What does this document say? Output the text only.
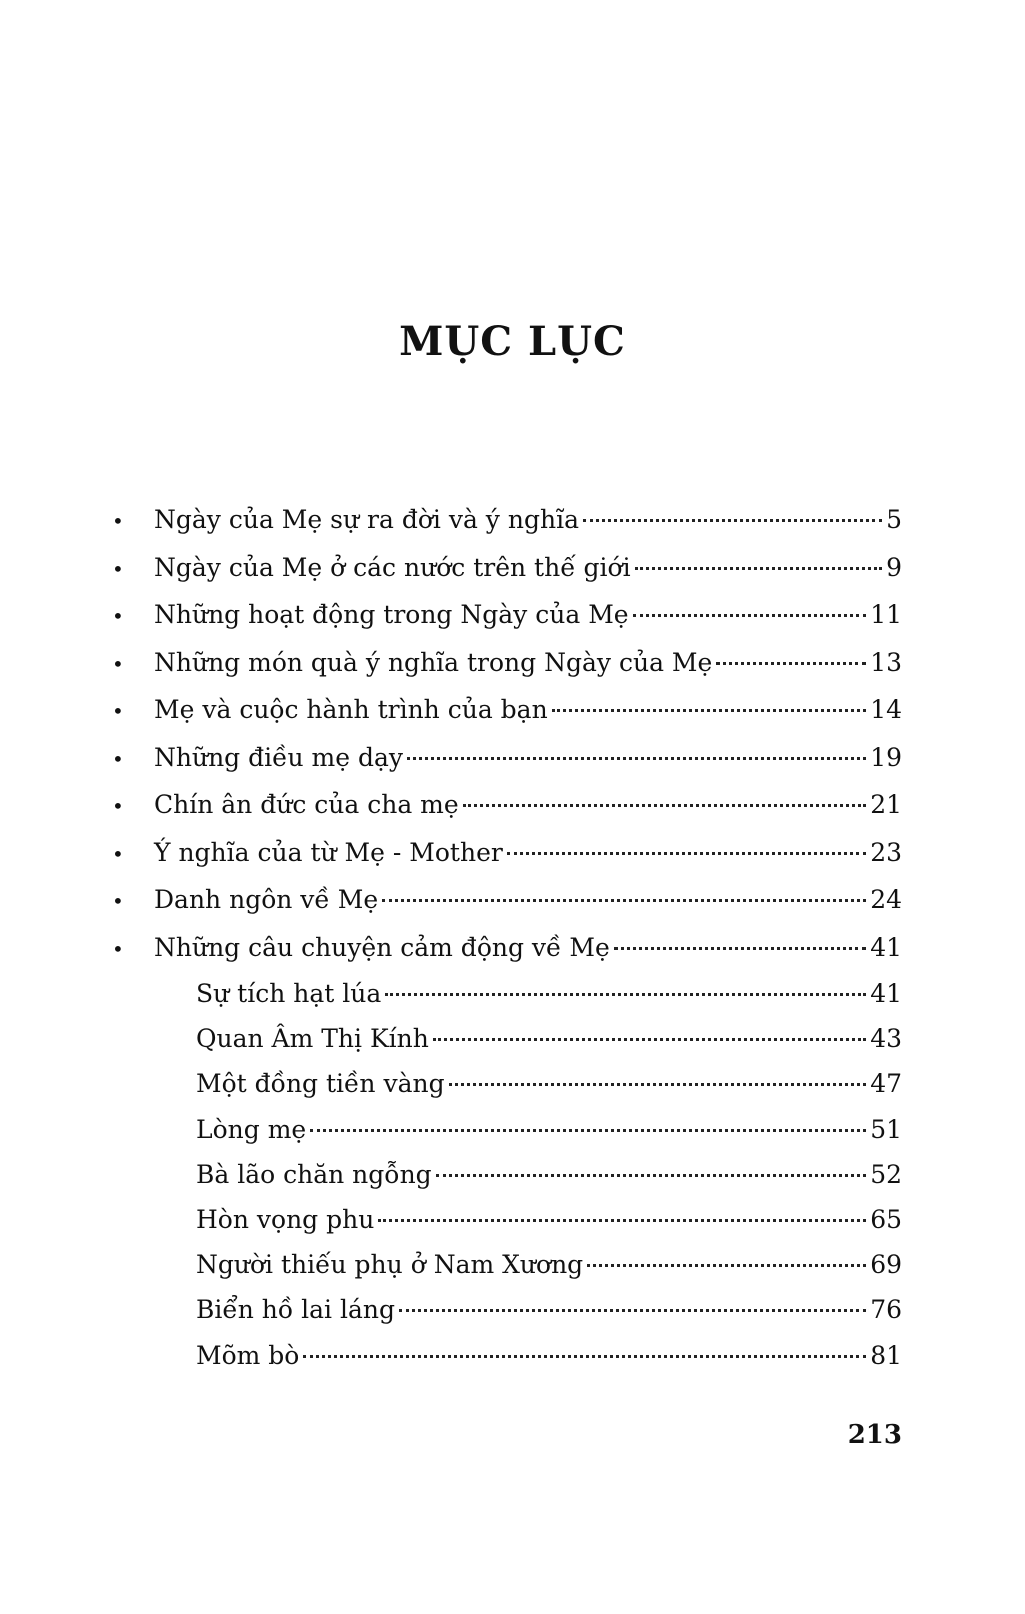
MỤC LỤC
•	Ngày của Mẹ sự ra đời và ý nghĩa	5
•	Ngày của Mẹ ở các nước trên thế giới	9
•	Những hoạt động trong Ngày của Mẹ	11
•	Những món quà ý nghĩa trong Ngày của Mẹ	13
•	Mẹ và cuộc hành trình của bạn	14
•	Những điều mẹ dạy	19
•	Chín ân đức của cha mẹ	21
•	Ý nghĩa của từ Mẹ - Mother	23
•	Danh ngôn về Mẹ	24
•	Những câu chuyện cảm động về Mẹ	41
Sự tích hạt lúa	41
Quan Âm Thị Kính	43
Một đồng tiền vàng	47
Lòng mẹ	51
Bà lão chăn ngỗng	52
Hòn vọng phu	65
Người thiếu phụ ở Nam Xương	69
Biển hồ lai láng	76
Mõm bò	81

213
